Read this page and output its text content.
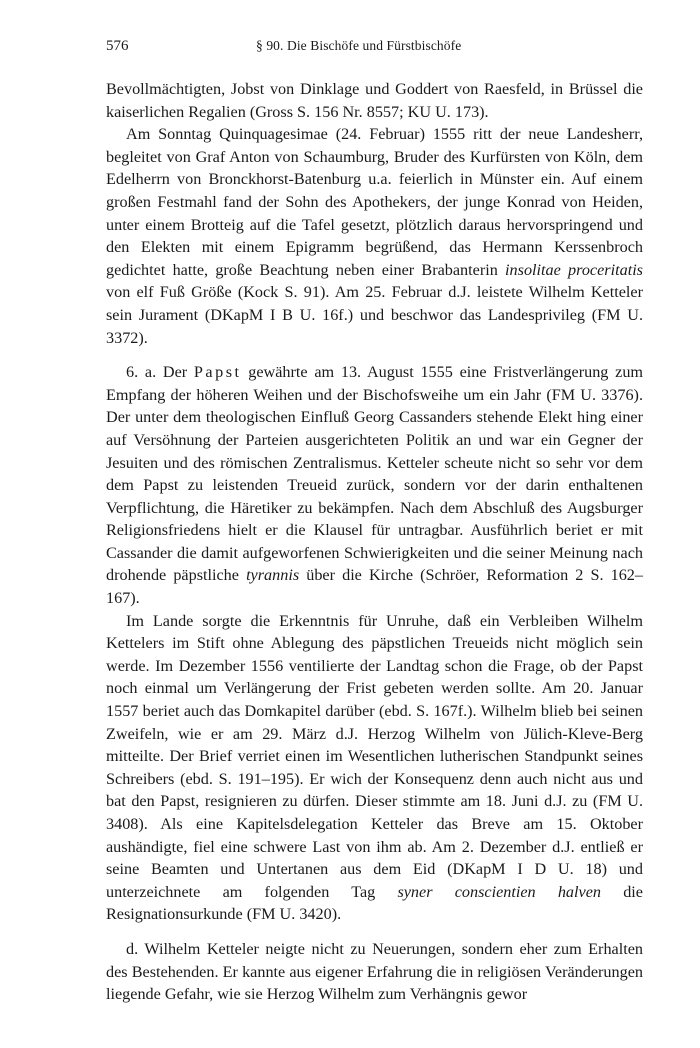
576	§ 90. Die Bischöfe und Fürstbischöfe

Bevollmächtigten, Jobst von Dinklage und Goddert von Raesfeld, in Brüssel die kaiserlichen Regalien (Gross S. 156 Nr. 8557; KU U. 173).

Am Sonntag Quinquagesimae (24. Februar) 1555 ritt der neue Landesherr, begleitet von Graf Anton von Schaumburg, Bruder des Kurfürsten von Köln, dem Edelherrn von Bronckhorst-Batenburg u.a. feierlich in Münster ein. Auf einem großen Festmahl fand der Sohn des Apothekers, der junge Konrad von Heiden, unter einem Brotteig auf die Tafel gesetzt, plötzlich daraus hervorspringend und den Elekten mit einem Epigramm begrüßend, das Hermann Kerssenbroch gedichtet hatte, große Beachtung neben einer Brabanterin insolitae proceritatis von elf Fuß Größe (Kock S. 91). Am 25. Februar d.J. leistete Wilhelm Ketteler sein Jurament (DKapM I B U. 16f.) und beschwor das Landesprivileg (FM U. 3372).

6. a. Der Papst gewährte am 13. August 1555 eine Fristverlängerung zum Empfang der höheren Weihen und der Bischofsweihe um ein Jahr (FM U. 3376). Der unter dem theologischen Einfluß Georg Cassanders stehende Elekt hing einer auf Versöhnung der Parteien ausgerichteten Politik an und war ein Gegner der Jesuiten und des römischen Zentralismus. Ketteler scheute nicht so sehr vor dem dem Papst zu leistenden Treueid zurück, sondern vor der darin enthaltenen Verpflichtung, die Häretiker zu bekämpfen. Nach dem Abschluß des Augsburger Religionsfriedens hielt er die Klausel für untragbar. Ausführlich beriet er mit Cassander die damit aufgeworfenen Schwierigkeiten und die seiner Meinung nach drohende päpstliche tyrannis über die Kirche (Schröer, Reformation 2 S. 162–167).

Im Lande sorgte die Erkenntnis für Unruhe, daß ein Verbleiben Wilhelm Kettelers im Stift ohne Ablegung des päpstlichen Treueids nicht möglich sein werde. Im Dezember 1556 ventilierte der Landtag schon die Frage, ob der Papst noch einmal um Verlängerung der Frist gebeten werden sollte. Am 20. Januar 1557 beriet auch das Domkapitel darüber (ebd. S. 167f.). Wilhelm blieb bei seinen Zweifeln, wie er am 29. März d.J. Herzog Wilhelm von Jülich-Kleve-Berg mitteilte. Der Brief verriet einen im Wesentlichen lutherischen Standpunkt seines Schreibers (ebd. S. 191–195). Er wich der Konsequenz denn auch nicht aus und bat den Papst, resignieren zu dürfen. Dieser stimmte am 18. Juni d.J. zu (FM U. 3408). Als eine Kapitelsdelegation Ketteler das Breve am 15. Oktober aushändigte, fiel eine schwere Last von ihm ab. Am 2. Dezember d.J. entließ er seine Beamten und Untertanen aus dem Eid (DKapM I D U. 18) und unterzeichnete am folgenden Tag syner conscientien halven die Resignationsurkunde (FM U. 3420).

d. Wilhelm Ketteler neigte nicht zu Neuerungen, sondern eher zum Erhalten des Bestehenden. Er kannte aus eigener Erfahrung die in religiösen Veränderungen liegende Gefahr, wie sie Herzog Wilhelm zum Verhängnis gewor
